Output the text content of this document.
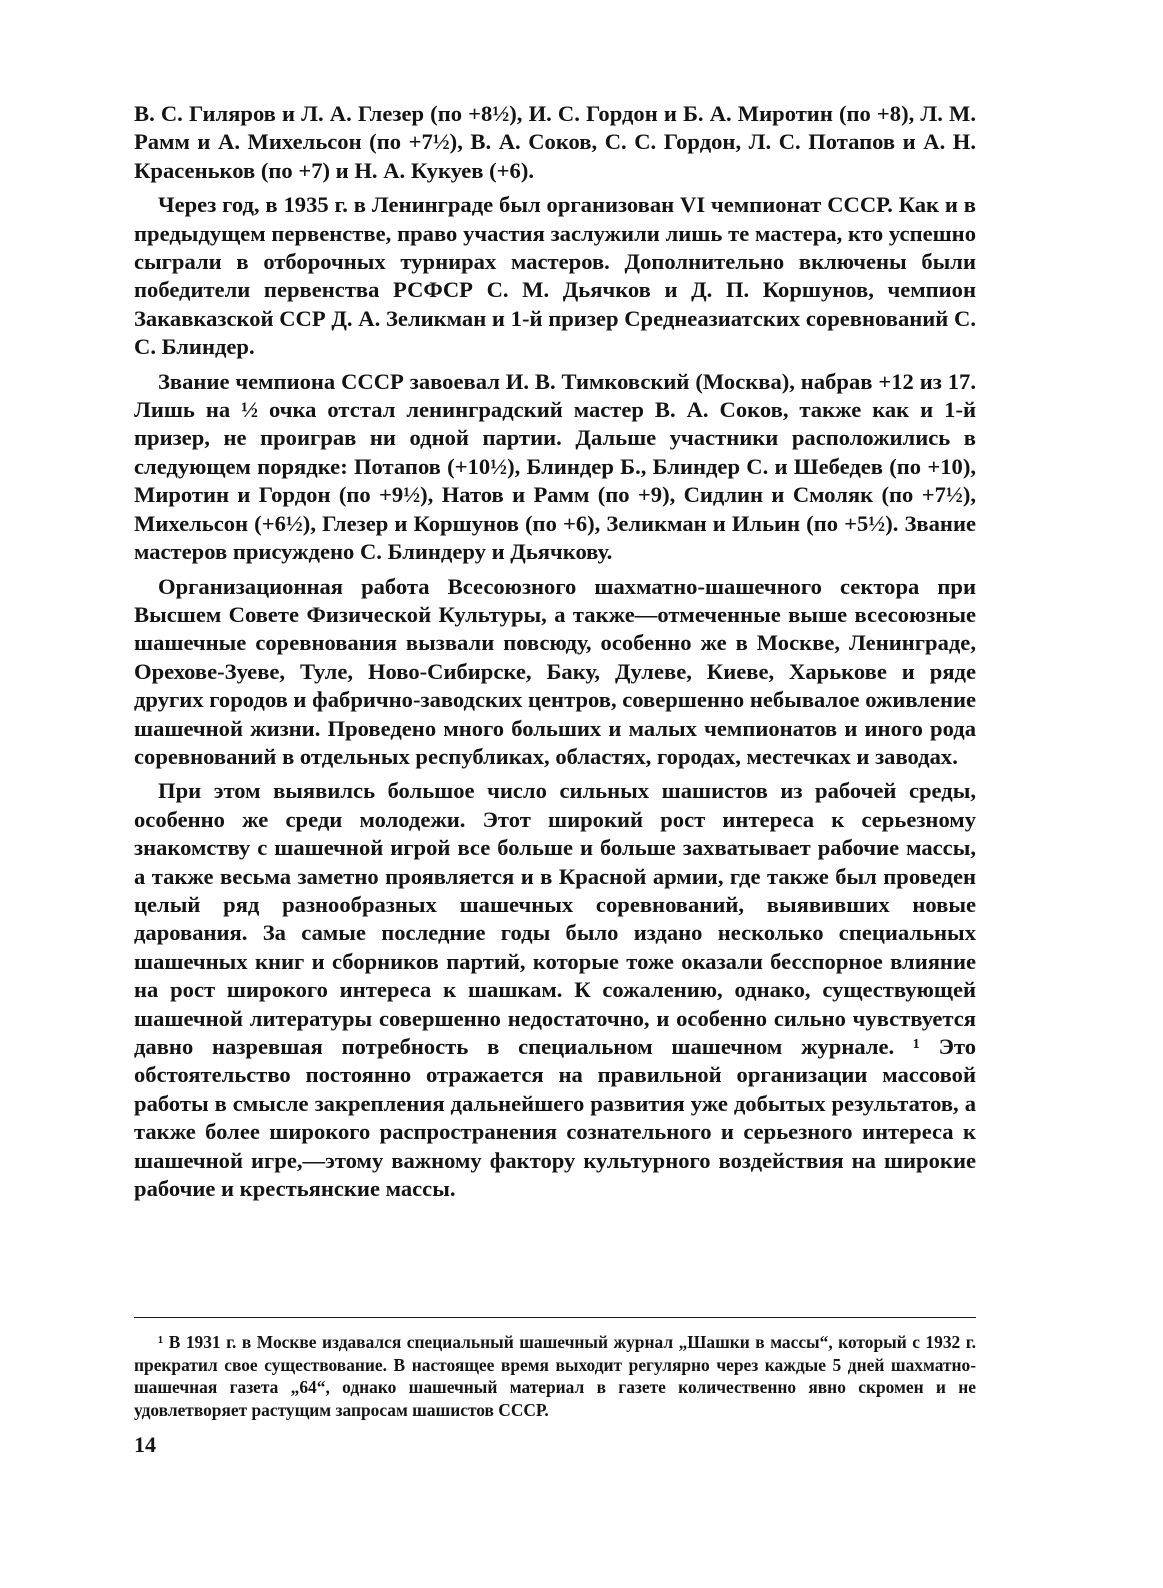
В. С. Гиляров и Л. А. Глезер (по +8½), И. С. Гордон и Б. А. Миротин (по +8), Л. М. Рамм и А. Михельсон (по +7½), В. А. Соков, С. С. Гордон, Л. С. Потапов и А. Н. Красеньков (по +7) и Н. А. Кукуев (+6).

Через год, в 1935 г. в Ленинграде был организован VI чемпионат СССР. Как и в предыдущем первенстве, право участия заслужили лишь те мастера, кто успешно сыграли в отборочных турнирах мастеров. Дополнительно включены были победители первенства РСФСР С. М. Дьячков и Д. П. Коршунов, чемпион Закавказской ССР Д. А. Зеликман и 1-й призер Среднеазиатских соревнований С. С. Блиндер.

Звание чемпиона СССР завоевал И. В. Тимковский (Москва), набрав +12 из 17. Лишь на ½ очка отстал ленинградский мастер В. А. Соков, также как и 1-й призер, не проиграв ни одной партии. Дальше участники расположились в следующем порядке: Потапов (+10½), Блиндер Б., Блиндер С. и Шебедев (по +10), Миротин и Гордон (по +9½), Натов и Рамм (по +9), Сидлин и Смоляк (по +7½), Михельсон (+6½), Глезер и Коршунов (по +6), Зеликман и Ильин (по +5½). Звание мастеров присуждено С. Блиндеру и Дьячкову.

Организационная работа Всесоюзного шахматно-шашечного сектора при Высшем Совете Физической Культуры, а также—отмеченные выше всесоюзные шашечные соревнования вызвали повсюду, особенно же в Москве, Ленинграде, Орехове-Зуеве, Туле, Ново-Сибирске, Баку, Дулеве, Киеве, Харькове и ряде других городов и фабрично-заводских центров, совершенно небывалое оживление шашечной жизни. Проведено много больших и малых чемпионатов и иного рода соревнований в отдельных республиках, областях, городах, местечках и заводах.

При этом выявилсь большое число сильных шашистов из рабочей среды, особенно же среди молодежи. Этот широкий рост интереса к серьезному знакомству с шашечной игрой все больше и больше захватывает рабочие массы, а также весьма заметно проявляется и в Красной армии, где также был проведен целый ряд разнообразных шашечных соревнований, выявивших новые дарования. За самые последние годы было издано несколько специальных шашечных книг и сборников партий, которые тоже оказали бесспорное влияние на рост широкого интереса к шашкам. К сожалению, однако, существующей шашечной литературы совершенно недостаточно, и особенно сильно чувствуется давно назревшая потребность в специальном шашечном журнале. ¹ Это обстоятельство постоянно отражается на правильной организации массовой работы в смысле закрепления дальнейшего развития уже добытых результатов, а также более широкого распространения сознательного и серьезного интереса к шашечной игре,—этому важному фактору культурного воздействия на широкие рабочие и крестьянские массы.

¹ В 1931 г. в Москве издавался специальный шашечный журнал „Шашки в массы“, который с 1932 г. прекратил свое существование. В настоящее время выходит регулярно через каждые 5 дней шахматно-шашечная газета „64“, однако шашечный материал в газете количественно явно скромен и не удовлетворяет растущим запросам шашистов СССР.

14
